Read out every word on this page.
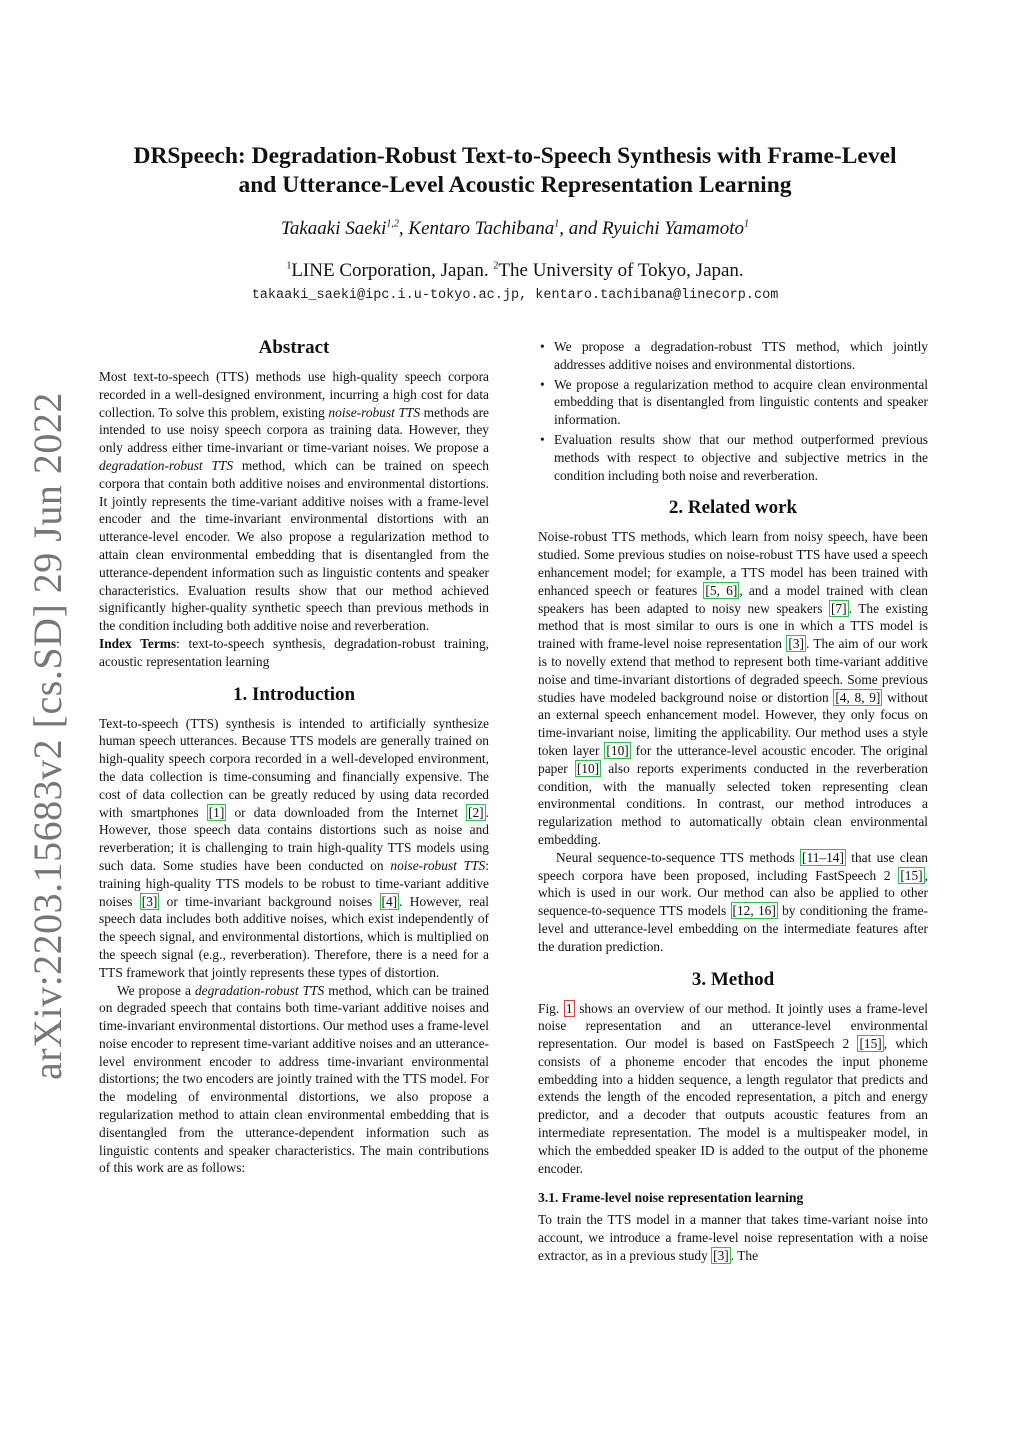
arXiv:2203.15683v2 [cs.SD] 29 Jun 2022
DRSpeech: Degradation-Robust Text-to-Speech Synthesis with Frame-Level
and Utterance-Level Acoustic Representation Learning
Takaaki Saeki$^{1,2}$, Kentaro Tachibana$^1$, and Ryuichi Yamamoto$^1$
$^1$LINE Corporation, Japan. $^2$The University of Tokyo, Japan.
takaaki_saeki@ipc.i.u-tokyo.ac.jp, kentaro.tachibana@linecorp.com
Abstract

Most text-to-speech (TTS) methods use high-quality speech corpora recorded in a well-designed environment, incurring a high cost for data collection. To solve this problem, existing noise-robust TTS methods are intended to use noisy speech corpora as training data. However, they only address either time-invariant or time-variant noises. We propose a degradation-robust TTS method, which can be trained on speech corpora that contain both additive noises and environmental distortions. It jointly represents the time-variant additive noises with a frame-level encoder and the time-invariant environmental distortions with an utterance-level encoder. We also propose a regularization method to attain clean environmental embedding that is disentangled from the utterance-dependent information such as linguistic contents and speaker characteristics. Evaluation results show that our method achieved significantly higher-quality synthetic speech than previous methods in the condition including both additive noise and reverberation.

Index Terms: text-to-speech synthesis, degradation-robust training, acoustic representation learning

1. Introduction

Text-to-speech (TTS) synthesis is intended to artificially synthesize human speech utterances. Because TTS models are generally trained on high-quality speech corpora recorded in a well-developed environment, the data collection is time-consuming and financially expensive. The cost of data collection can be greatly reduced by using data recorded with smartphones [1] or data downloaded from the Internet [2] . However, those speech data contains distortions such as noise and reverberation; it is challenging to train high-quality TTS models using such data. Some studies have been conducted on noise-robust TTS: training high-quality TTS models to be robust to time-variant additive noises [3] or time-invariant background noises [4] . However, real speech data includes both additive noises, which exist independently of the speech signal, and environmental distortions, which is multiplied on the speech signal (e.g., reverberation). Therefore, there is a need for a TTS framework that jointly represents these types of distortion.

We propose a degradation-robust TTS method, which can be trained on degraded speech that contains both time-variant additive noises and time-invariant environmental distortions. Our method uses a frame-level noise encoder to represent time-variant additive noises and an utterance-level environment encoder to address time-invariant environmental distortions; the two encoders are jointly trained with the TTS model. For the modeling of environmental distortions, we also propose a regularization method to attain clean environmental embedding that is disentangled from the utterance-dependent information such as linguistic contents and speaker characteristics. The main contributions of this work are as follows:

• We propose a degradation-robust TTS method, which jointly addresses additive noises and environmental distortions.
• We propose a regularization method to acquire clean environmental embedding that is disentangled from linguistic contents and speaker information.
• Evaluation results show that our method outperformed previous methods with respect to objective and subjective metrics in the condition including both noise and reverberation.
2. Related work

Noise-robust TTS methods, which learn from noisy speech, have been studied. Some previous studies on noise-robust TTS have used a speech enhancement model; for example, a TTS model has been trained with enhanced speech or features [5, 6] , and a model trained with clean speakers has been adapted to noisy new speakers [7] . The existing method that is most similar to ours is one in which a TTS model is trained with frame-level noise representation [3] . The aim of our work is to novelly extend that method to represent both time-variant additive noise and time-invariant distortions of degraded speech. Some previous studies have modeled background noise or distortion [4, 8, 9] without an external speech enhancement model. However, they only focus on time-invariant noise, limiting the applicability. Our method uses a style token layer [10] for the utterance-level acoustic encoder. The original paper [10] also reports experiments conducted in the reverberation condition, with the manually selected token representing clean environmental conditions. In contrast, our method introduces a regularization method to automatically obtain clean environmental embedding.

Neural sequence-to-sequence TTS methods [11–14] that use clean speech corpora have been proposed, including FastSpeech 2 [15] , which is used in our work. Our method can also be applied to other sequence-to-sequence TTS models [12, 16] by conditioning the frame-level and utterance-level embedding on the intermediate features after the duration prediction.

3. Method

Fig. 1 shows an overview of our method. It jointly uses a frame-level noise representation and an utterance-level environmental representation. Our model is based on FastSpeech 2 [15] , which consists of a phoneme encoder that encodes the input phoneme embedding into a hidden sequence, a length regulator that predicts and extends the length of the encoded representation, a pitch and energy predictor, and a decoder that outputs acoustic features from an intermediate representation. The model is a multispeaker model, in which the embedded speaker ID is added to the output of the phoneme encoder.

3.1. Frame-level noise representation learning

To train the TTS model in a manner that takes time-variant noise into account, we introduce a frame-level noise representation with a noise extractor, as in a previous study [3] . The
